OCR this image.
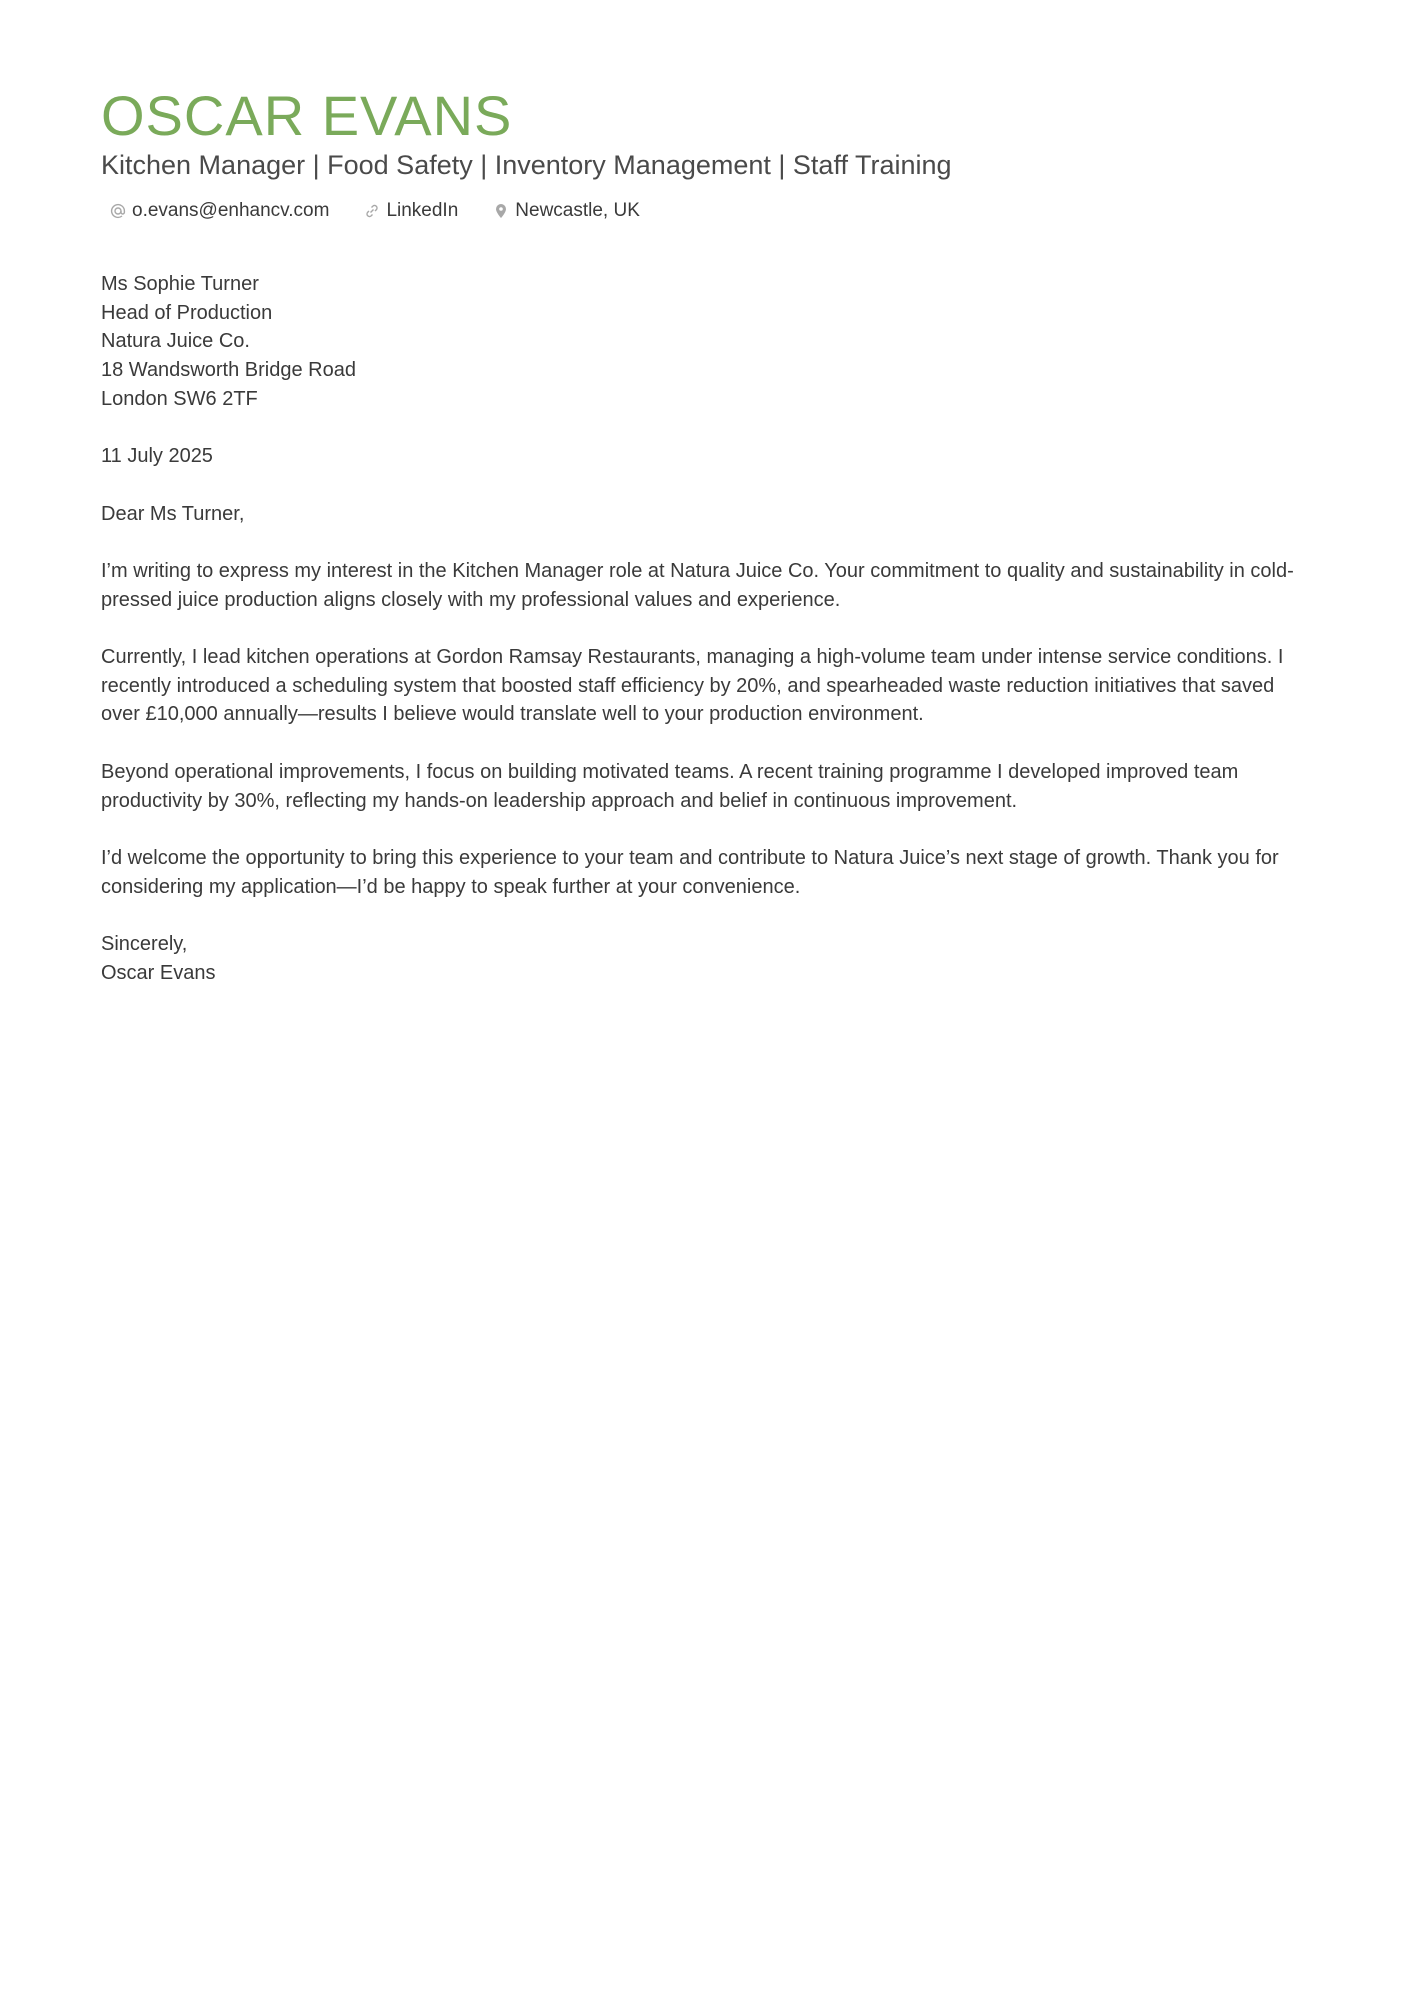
OSCAR EVANS
Kitchen Manager | Food Safety | Inventory Management | Staff Training
o.evans@enhancv.com	LinkedIn	Newcastle, UK
Ms Sophie Turner
Head of Production
Natura Juice Co.
18 Wandsworth Bridge Road
London SW6 2TF
11 July 2025
Dear Ms Turner,

I’m writing to express my interest in the Kitchen Manager role at Natura Juice Co. Your commitment to quality and sustainability in cold-pressed juice production aligns closely with my professional values and experience.

Currently, I lead kitchen operations at Gordon Ramsay Restaurants, managing a high-volume team under intense service conditions. I recently introduced a scheduling system that boosted staff efficiency by 20%, and spearheaded waste reduction initiatives that saved over £10,000 annually—results I believe would translate well to your production environment.

Beyond operational improvements, I focus on building motivated teams. A recent training programme I developed improved team productivity by 30%, reflecting my hands-on leadership approach and belief in continuous improvement.

I’d welcome the opportunity to bring this experience to your team and contribute to Natura Juice’s next stage of growth. Thank you for considering my application—I’d be happy to speak further at your convenience.

Sincerely,
Oscar Evans
